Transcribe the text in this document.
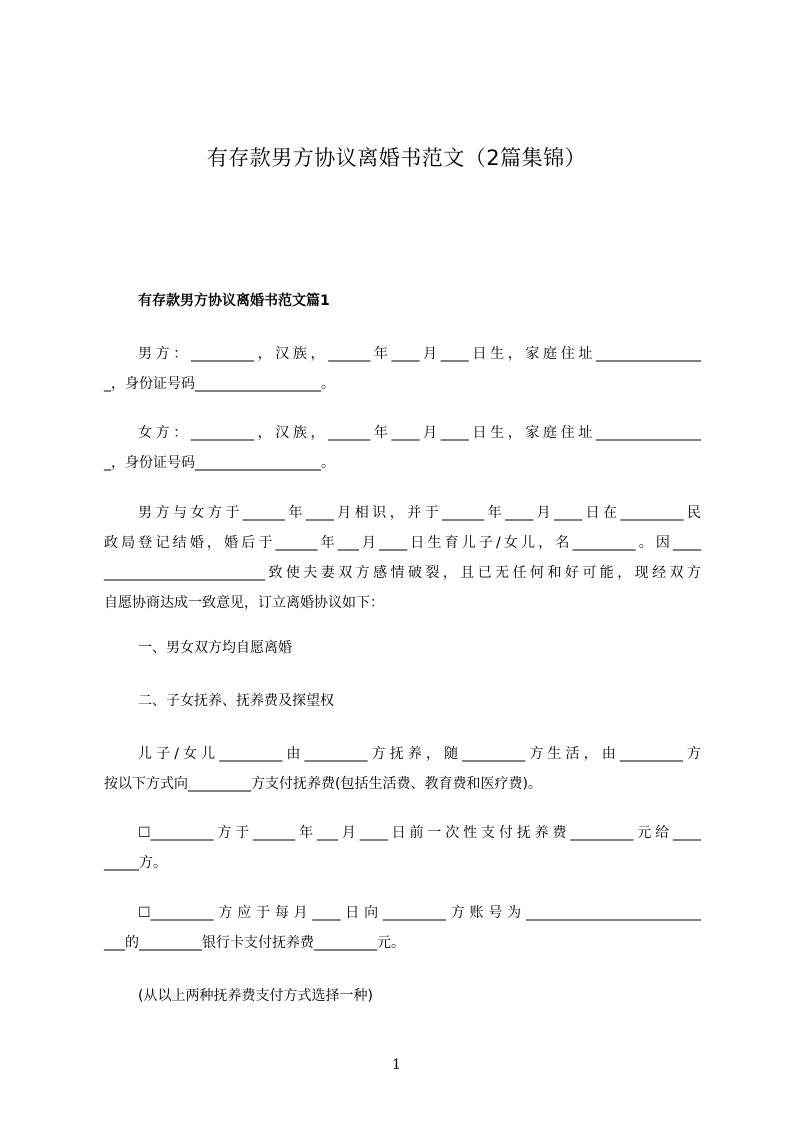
有存款男方协议离婚书范文（2篇集锦）
有存款男方协议离婚书范文篇1
男方：_________，汉族，______年____月____日生，家庭住址_______________
_，身份证号码__________________。
女方：_________，汉族，______年____月____日生，家庭住址_______________
_，身份证号码__________________。
男方与女方于______年____月相识，并于______年____月____日在_________民
政局登记结婚，婚后于______年___月____日生育儿子/女儿，名_________。因____
_______________________致使夫妻双方感情破裂，且已无任何和好可能，现经双方
自愿协商达成一致意见，订立离婚协议如下：
一、男女双方均自愿离婚
二、子女抚养、抚养费及探望权
儿子/女儿_________由_________方抚养，随_________方生活，由_________方
按以下方式向_________方支付抚养费(包括生活费、教育费和医疗费)。
☐_________方于______年___月____日前一次性支付抚养费_________元给____
_____方。
☐_________方应于每月____日向_________方账号为_________________________
___的_________银行卡支付抚养费_________元。
(从以上两种抚养费支付方式选择一种)
1
